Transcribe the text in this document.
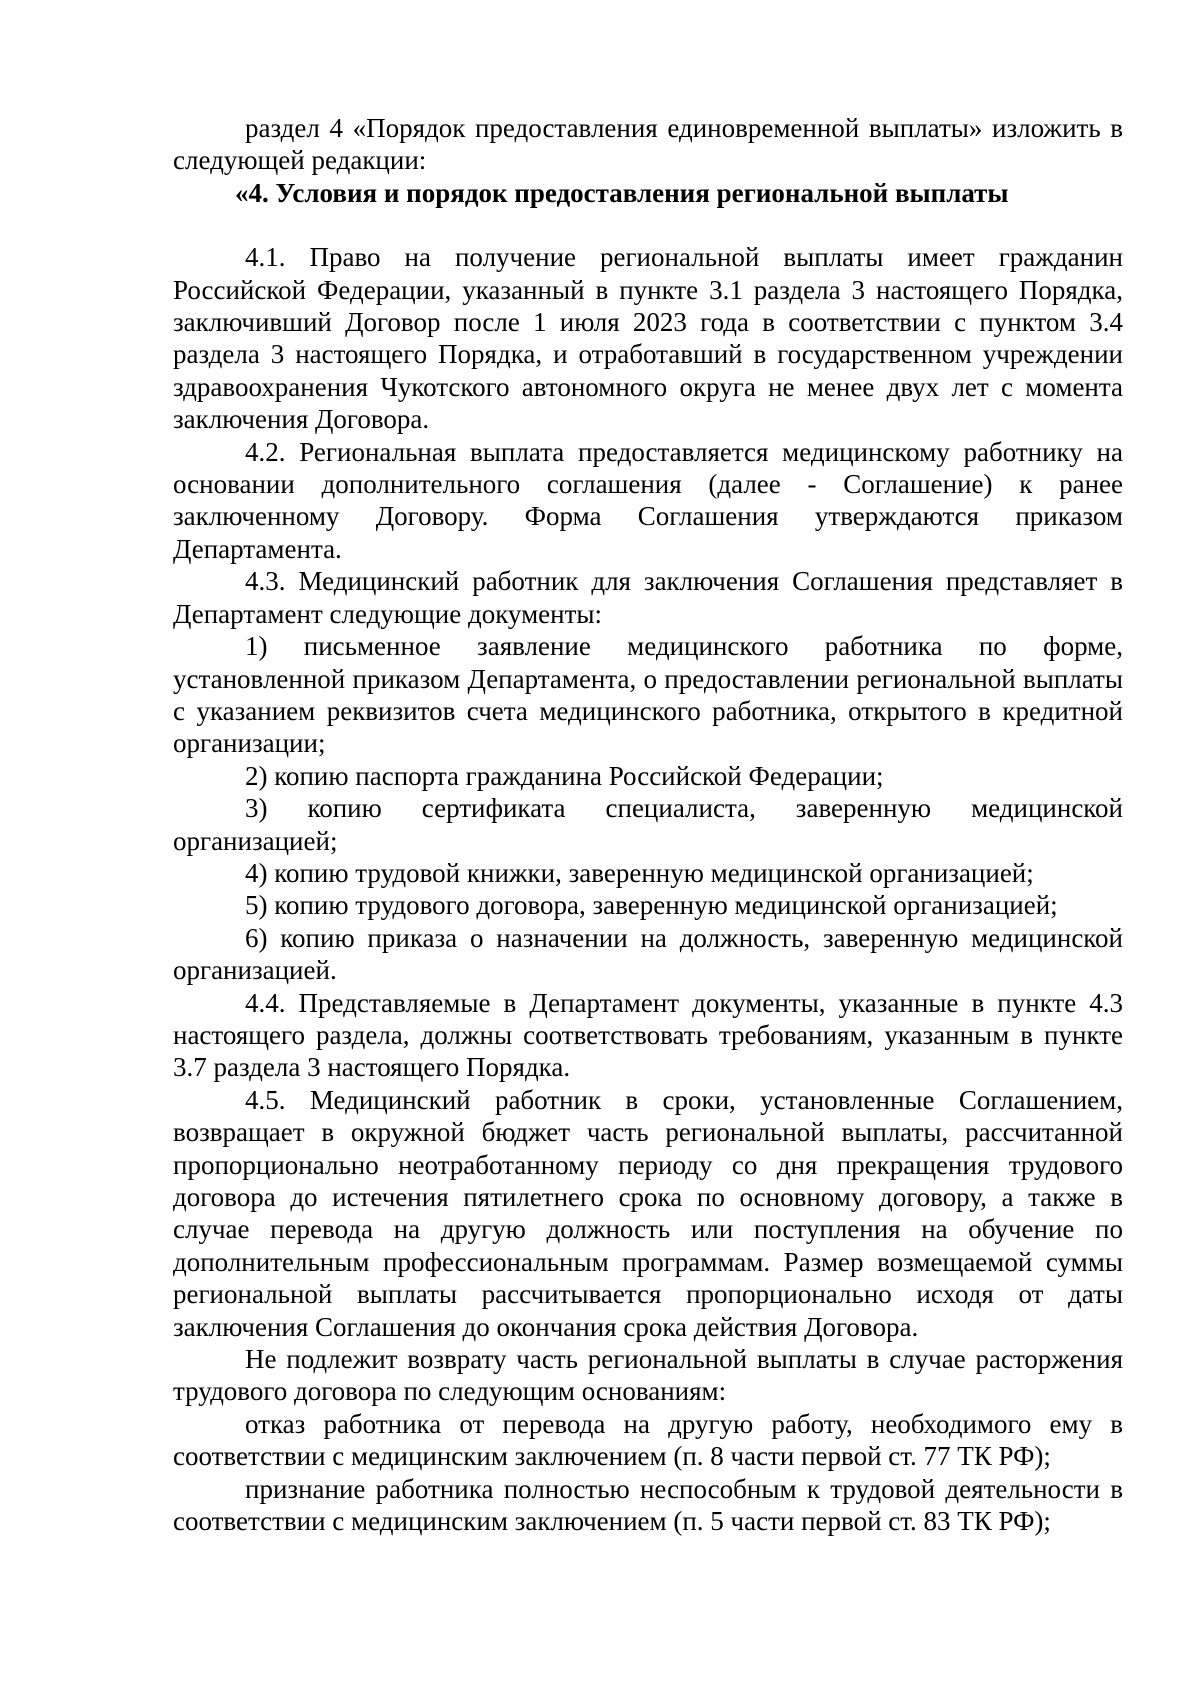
раздел 4 «Порядок предоставления единовременной выплаты» изложить в следующей редакции:

«4. Условия и порядок предоставления региональной выплаты

4.1. Право на получение региональной выплаты имеет гражданин Российской Федерации, указанный в пункте 3.1 раздела 3 настоящего Порядка, заключивший Договор после 1 июля 2023 года в соответствии с пунктом 3.4 раздела 3 настоящего Порядка, и отработавший в государственном учреждении здравоохранения Чукотского автономного округа не менее двух лет с момента заключения Договора.

4.2. Региональная выплата предоставляется медицинскому работнику на основании дополнительного соглашения (далее - Соглашение) к ранее заключенному Договору. Форма Соглашения утверждаются приказом Департамента.

4.3. Медицинский работник для заключения Соглашения представляет в Департамент следующие документы:

1) письменное заявление медицинского работника по форме, установленной приказом Департамента, о предоставлении региональной выплаты с указанием реквизитов счета медицинского работника, открытого в кредитной организации;

2) копию паспорта гражданина Российской Федерации;

3) копию сертификата специалиста, заверенную медицинской организацией;

4) копию трудовой книжки, заверенную медицинской организацией;

5) копию трудового договора, заверенную медицинской организацией;

6) копию приказа о назначении на должность, заверенную медицинской организацией.

4.4. Представляемые в Департамент документы, указанные в пункте 4.3 настоящего раздела, должны соответствовать требованиям, указанным в пункте 3.7 раздела 3 настоящего Порядка.

4.5. Медицинский работник в сроки, установленные Соглашением, возвращает в окружной бюджет часть региональной выплаты, рассчитанной пропорционально неотработанному периоду со дня прекращения трудового договора до истечения пятилетнего срока по основному договору, а также в случае перевода на другую должность или поступления на обучение по дополнительным профессиональным программам. Размер возмещаемой суммы региональной выплаты рассчитывается пропорционально исходя от даты заключения Соглашения до окончания срока действия Договора.

Не подлежит возврату часть региональной выплаты в случае расторжения трудового договора по следующим основаниям:

отказ работника от перевода на другую работу, необходимого ему в соответствии с медицинским заключением (п. 8 части первой ст. 77 ТК РФ);

признание работника полностью неспособным к трудовой деятельности в соответствии с медицинским заключением (п. 5 части первой ст. 83 ТК РФ);
